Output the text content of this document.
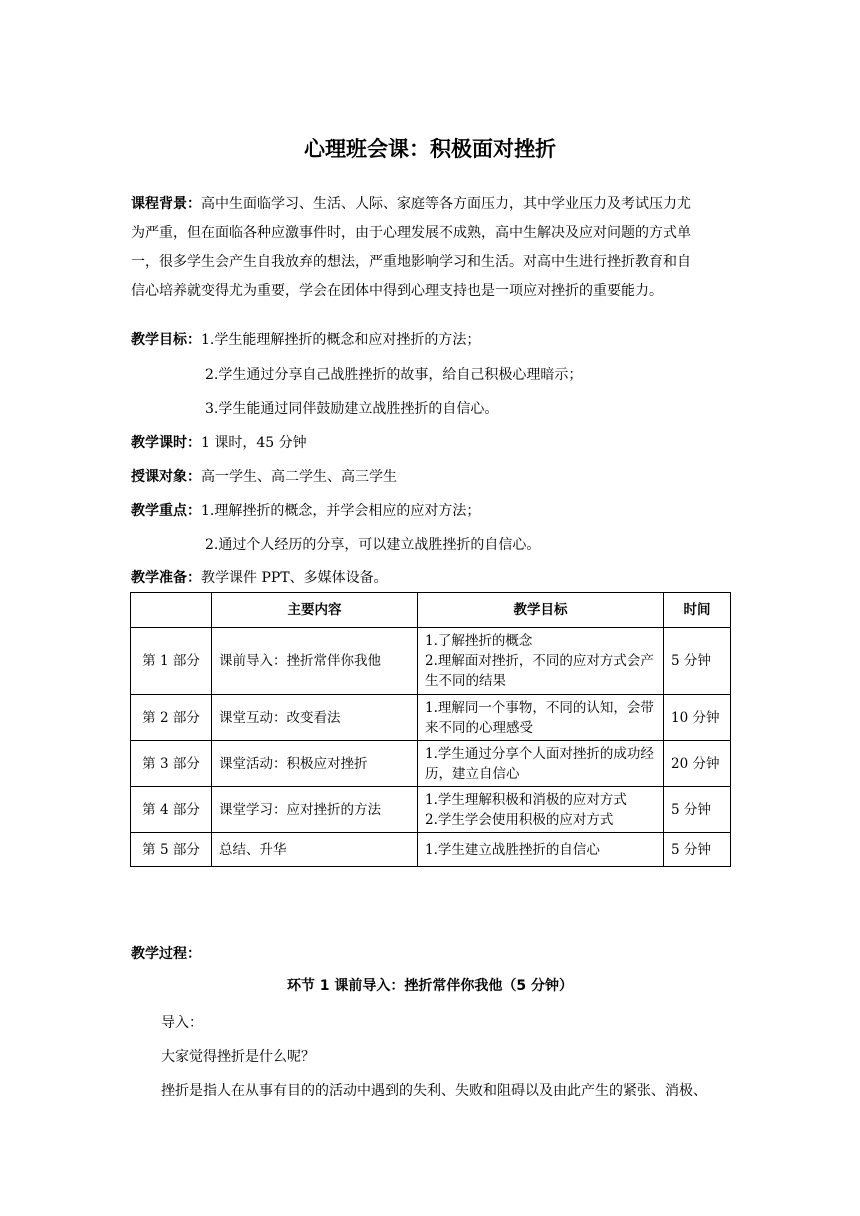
心理班会课：积极面对挫折
课程背景：高中生面临学习、生活、人际、家庭等各方面压力，其中学业压力及考试压力尤
为严重，但在面临各种应激事件时，由于心理发展不成熟，高中生解决及应对问题的方式单
一，很多学生会产生自我放弃的想法，严重地影响学习和生活。对高中生进行挫折教育和自
信心培养就变得尤为重要，学会在团体中得到心理支持也是一项应对挫折的重要能力。
教学目标：1.学生能理解挫折的概念和应对挫折的方法；
2.学生通过分享自己战胜挫折的故事，给自己积极心理暗示；
3.学生能通过同伴鼓励建立战胜挫折的自信心。
教学课时：1 课时，45 分钟
授课对象：高一学生、高二学生、高三学生
教学重点：1.理解挫折的概念，并学会相应的应对方法；
2.通过个人经历的分享，可以建立战胜挫折的自信心。
教学准备：教学课件 PPT、多媒体设备。
	主要内容	教学目标	时间
第 1 部分	课前导入：挫折常伴你我他	1.了解挫折的概念
2.理解面对挫折，不同的应对方式会产生不同的结果	5 分钟
第 2 部分	课堂互动：改变看法	1.理解同一个事物，不同的认知，会带来不同的心理感受	10 分钟
第 3 部分	课堂活动：积极应对挫折	1.学生通过分享个人面对挫折的成功经历，建立自信心	20 分钟
第 4 部分	课堂学习：应对挫折的方法	1.学生理解积极和消极的应对方式
2.学生学会使用积极的应对方式	5 分钟
第 5 部分	总结、升华	1.学生建立战胜挫折的自信心	5 分钟
教学过程：
环节 1 课前导入：挫折常伴你我他（5 分钟）
导入：
大家觉得挫折是什么呢？
挫折是指人在从事有目的的活动中遇到的失利、失败和阻碍以及由此产生的紧张、消极、
